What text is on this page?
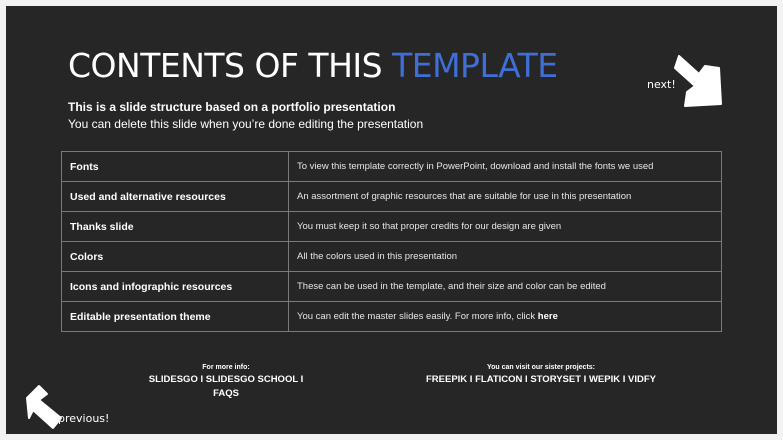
CONTENTS OF THIS TEMPLATE
This is a slide structure based on a portfolio presentation
You can delete this slide when you’re done editing the presentation
next!
Fonts	To view this template correctly in PowerPoint, download and install the fonts we used
Used and alternative resources	An assortment of graphic resources that are suitable for use in this presentation
Thanks slide	You must keep it so that proper credits for our design are given
Colors	All the colors used in this presentation
Icons and infographic resources	These can be used in the template, and their size and color can be edited
Editable presentation theme	You can edit the master slides easily. For more info, click here
For more info:
SLIDESGO I SLIDESGO SCHOOL I FAQS
You can visit our sister projects:
FREEPIK I FLATICON I STORYSET I WEPIK I VIDFY
previous!
